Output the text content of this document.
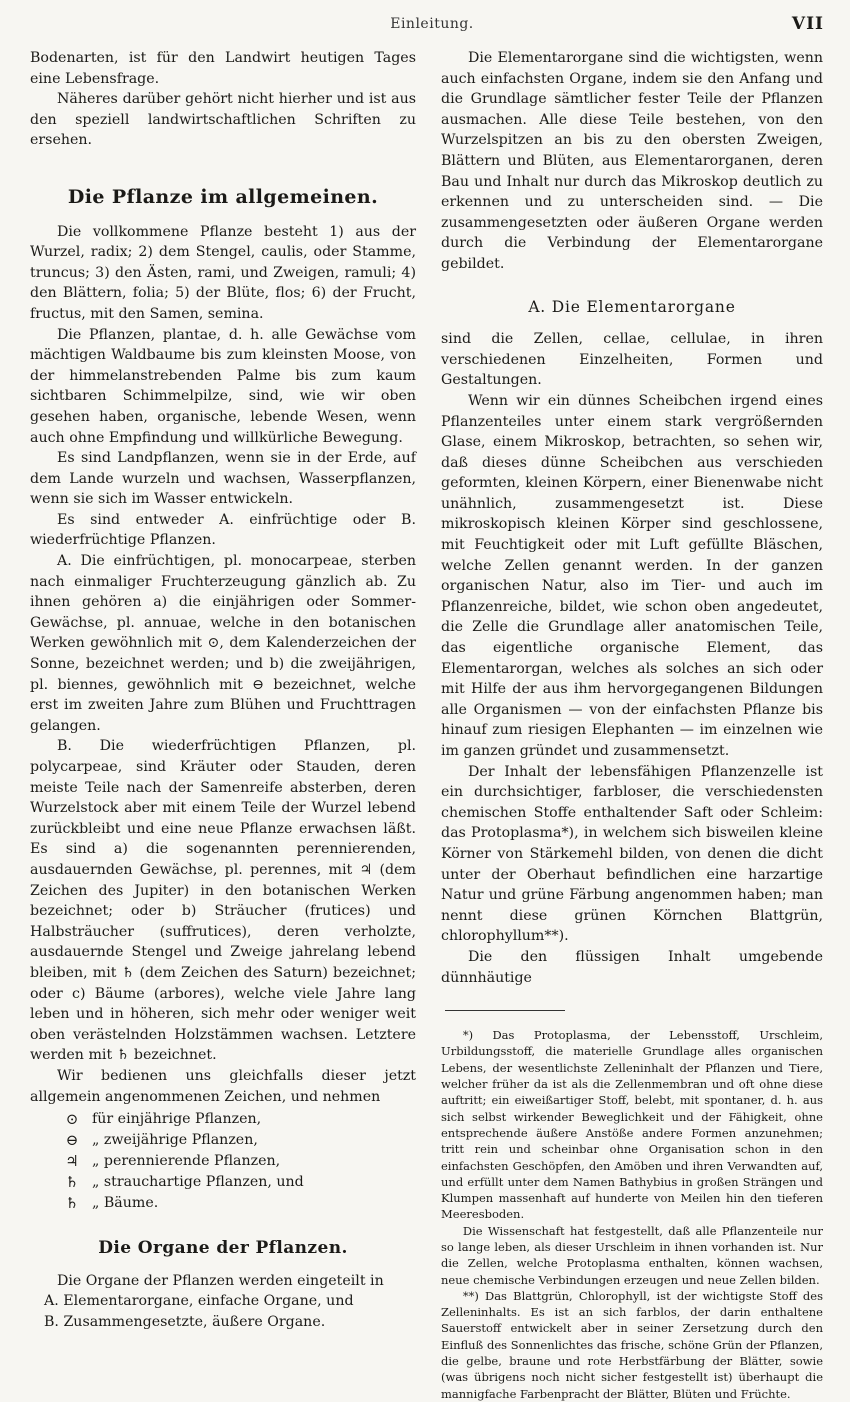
Einleitung.	VII

Bodenarten, ist für den Landwirt heutigen Tages eine Lebensfrage.

Näheres darüber gehört nicht hierher und ist aus den speziell landwirtschaftlichen Schriften zu ersehen.

Die Pflanze im allgemeinen.

Die vollkommene Pflanze besteht 1) aus der Wurzel, radix; 2) dem Stengel, caulis, oder Stamme, truncus; 3) den Ästen, rami, und Zweigen, ramuli; 4) den Blättern, folia; 5) der Blüte, flos; 6) der Frucht, fructus, mit den Samen, semina.

Die Pflanzen, plantae, d. h. alle Gewächse vom mächtigen Waldbaume bis zum kleinsten Moose, von der himmelanstrebenden Palme bis zum kaum sichtbaren Schimmelpilze, sind, wie wir oben gesehen haben, organische, lebende Wesen, wenn auch ohne Empfindung und willkürliche Bewegung.

Es sind Landpflanzen, wenn sie in der Erde, auf dem Lande wurzeln und wachsen, Wasserpflanzen, wenn sie sich im Wasser entwickeln.

Es sind entweder A. einfrüchtige oder B. wiederfrüchtige Pflanzen.

A. Die einfrüchtigen, pl. monocarpeae, sterben nach einmaliger Fruchterzeugung gänzlich ab. Zu ihnen gehören a) die einjährigen oder Sommer-Gewächse, pl. annuae, welche in den botanischen Werken gewöhnlich mit ⊙, dem Kalenderzeichen der Sonne, bezeichnet werden; und b) die zweijährigen, pl. biennes, gewöhnlich mit ⊖ bezeichnet, welche erst im zweiten Jahre zum Blühen und Fruchttragen gelangen.

B. Die wiederfrüchtigen Pflanzen, pl. polycarpeae, sind Kräuter oder Stauden, deren meiste Teile nach der Samenreife absterben, deren Wurzelstock aber mit einem Teile der Wurzel lebend zurückbleibt und eine neue Pflanze erwachsen läßt. Es sind a) die sogenannten perennierenden, ausdauernden Gewächse, pl. perennes, mit ♃ (dem Zeichen des Jupiter) in den botanischen Werken bezeichnet; oder b) Sträucher (frutices) und Halbsträucher (suffrutices), deren verholzte, ausdauernde Stengel und Zweige jahrelang lebend bleiben, mit ♄ (dem Zeichen des Saturn) bezeichnet; oder c) Bäume (arbores), welche viele Jahre lang leben und in höheren, sich mehr oder weniger weit oben verästelnden Holzstämmen wachsen. Letztere werden mit ♄ bezeichnet.

Wir bedienen uns gleichfalls dieser jetzt allgemein angenommenen Zeichen, und nehmen

⊙ für einjährige Pflanzen,
⊖ „ zweijährige Pflanzen,
♃ „ perennierende Pflanzen,
♄ „ strauchartige Pflanzen, und
♄ „ Bäume.
Die Organe der Pflanzen.

Die Organe der Pflanzen werden eingeteilt in

A. Elementarorgane, einfache Organe, und
B. Zusammengesetzte, äußere Organe.

Die Elementarorgane sind die wichtigsten, wenn auch einfachsten Organe, indem sie den Anfang und die Grundlage sämtlicher fester Teile der Pflanzen ausmachen. Alle diese Teile bestehen, von den Wurzelspitzen an bis zu den obersten Zweigen, Blättern und Blüten, aus Elementarorganen, deren Bau und Inhalt nur durch das Mikroskop deutlich zu erkennen und zu unterscheiden sind. — Die zusammengesetzten oder äußeren Organe werden durch die Verbindung der Elementarorgane gebildet.

A. Die Elementarorgane

sind die Zellen, cellae, cellulae, in ihren verschiedenen Einzelheiten, Formen und Gestaltungen.

Wenn wir ein dünnes Scheibchen irgend eines Pflanzenteiles unter einem stark vergrößernden Glase, einem Mikroskop, betrachten, so sehen wir, daß dieses dünne Scheibchen aus verschieden geformten, kleinen Körpern, einer Bienenwabe nicht unähnlich, zusammengesetzt ist. Diese mikroskopisch kleinen Körper sind geschlossene, mit Feuchtigkeit oder mit Luft gefüllte Bläschen, welche Zellen genannt werden. In der ganzen organischen Natur, also im Tier- und auch im Pflanzenreiche, bildet, wie schon oben angedeutet, die Zelle die Grundlage aller anatomischen Teile, das eigentliche organische Element, das Elementarorgan, welches als solches an sich oder mit Hilfe der aus ihm hervorgegangenen Bildungen alle Organismen — von der einfachsten Pflanze bis hinauf zum riesigen Elephanten — im einzelnen wie im ganzen gründet und zusammensetzt.

Der Inhalt der lebensfähigen Pflanzenzelle ist ein durchsichtiger, farbloser, die verschiedensten chemischen Stoffe enthaltender Saft oder Schleim: das Protoplasma*), in welchem sich bisweilen kleine Körner von Stärkemehl bilden, von denen die dicht unter der Oberhaut befindlichen eine harzartige Natur und grüne Färbung angenommen haben; man nennt diese grünen Körnchen Blattgrün, chlorophyllum**).

Die den flüssigen Inhalt umgebende dünnhäutige

*) Das Protoplasma, der Lebensstoff, Urschleim, Urbildungsstoff, die materielle Grundlage alles organischen Lebens, der wesentlichste Zelleninhalt der Pflanzen und Tiere, welcher früher da ist als die Zellenmembran und oft ohne diese auftritt; ein eiweißartiger Stoff, belebt, mit spontaner, d. h. aus sich selbst wirkender Beweglichkeit und der Fähigkeit, ohne entsprechende äußere Anstöße andere Formen anzunehmen; tritt rein und scheinbar ohne Organisation schon in den einfachsten Geschöpfen, den Amöben und ihren Verwandten auf, und erfüllt unter dem Namen Bathybius in großen Strängen und Klumpen massenhaft auf hunderte von Meilen hin den tieferen Meeresboden.

Die Wissenschaft hat festgestellt, daß alle Pflanzenteile nur so lange leben, als dieser Urschleim in ihnen vorhanden ist. Nur die Zellen, welche Protoplasma enthalten, können wachsen, neue chemische Verbindungen erzeugen und neue Zellen bilden.

**) Das Blattgrün, Chlorophyll, ist der wichtigste Stoff des Zelleninhalts. Es ist an sich farblos, der darin enthaltene Sauerstoff entwickelt aber in seiner Zersetzung durch den Einfluß des Sonnenlichtes das frische, schöne Grün der Pflanzen, die gelbe, braune und rote Herbstfärbung der Blätter, sowie (was übrigens noch nicht sicher festgestellt ist) überhaupt die mannigfache Farbenpracht der Blätter, Blüten und Früchte.
